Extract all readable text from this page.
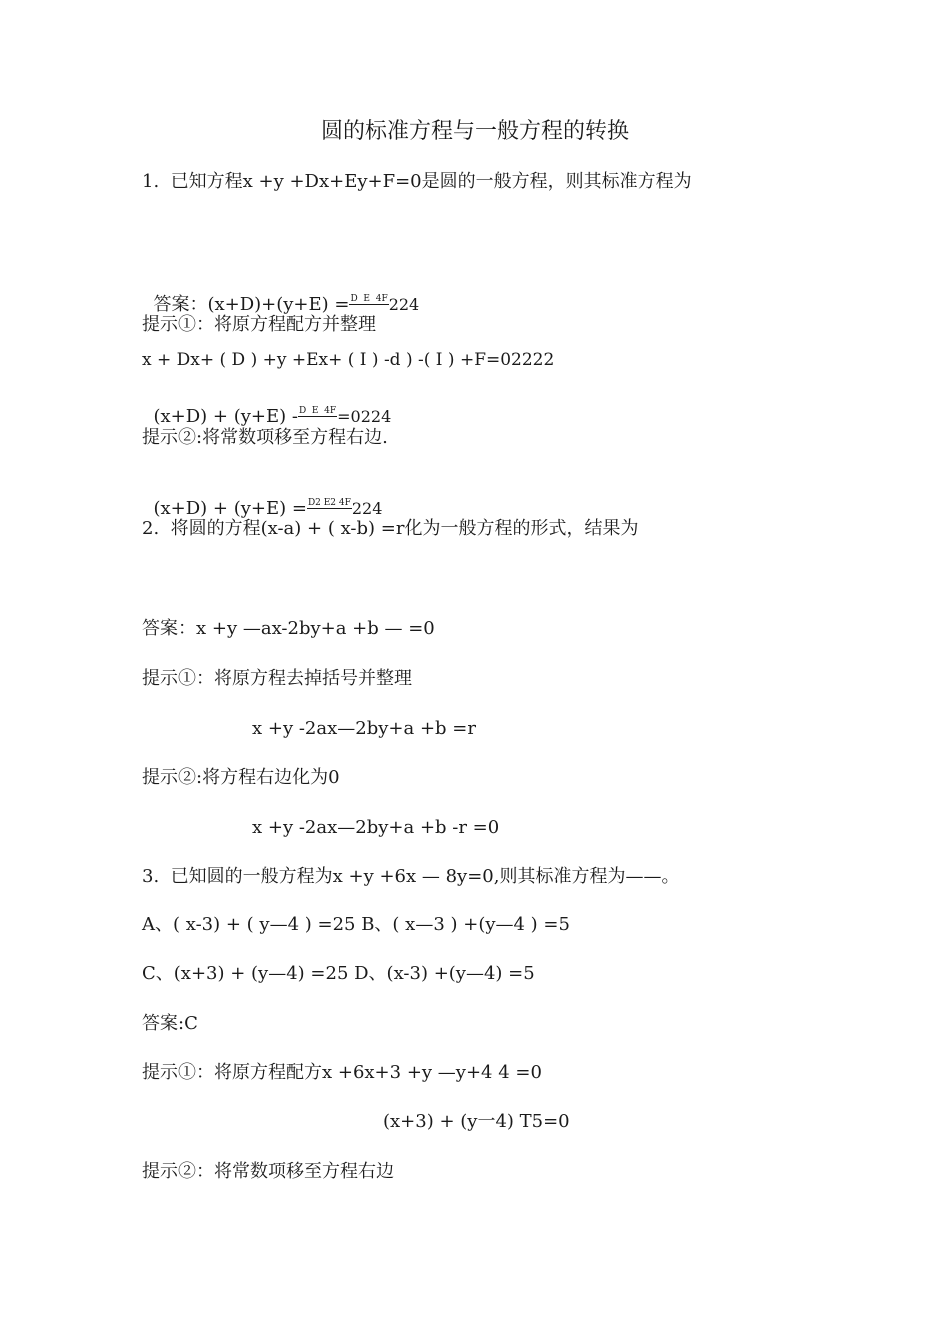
圆的标准方程与一般方程的转换
1.  已知方程x +y +Dx+Ey+F=0是圆的一般方程，则其标准方程为

答案：(x+D)+(y+E) =D  E  4F224

提示①：将原方程配方并整理
x + Dx+ ( D ) +y +Ex+ ( I ) -d ) -( I ) +F=02222

(x+D) + (y+E) -D  E  4F=0224

提示②:将常数项移至方程右边.

(x+D) + (y+E) =D2 E2 4F224

2.  将圆的方程(x-a) + ( x-b) =r化为一般方程的形式，结果为
答案：x +y —ax-2by+a +b — =0
提示①：将原方程去掉括号并整理
x +y -2ax—2by+a +b =r
提示②:将方程右边化为0
x +y -2ax—2by+a +b -r =0
3.  已知圆的一般方程为x +y +6x — 8y=0,则其标准方程为——。
A、( x-3) + ( y—4 ) =25 B、( x—3 ) +(y—4 ) =5
C、(x+3) + (y—4) =25 D、(x-3) +(y—4) =5
答案:C
提示①：将原方程配方x +6x+3 +y —y+4 4 =0
(x+3) + (y一4) T5=0
提示②：将常数项移至方程右边
